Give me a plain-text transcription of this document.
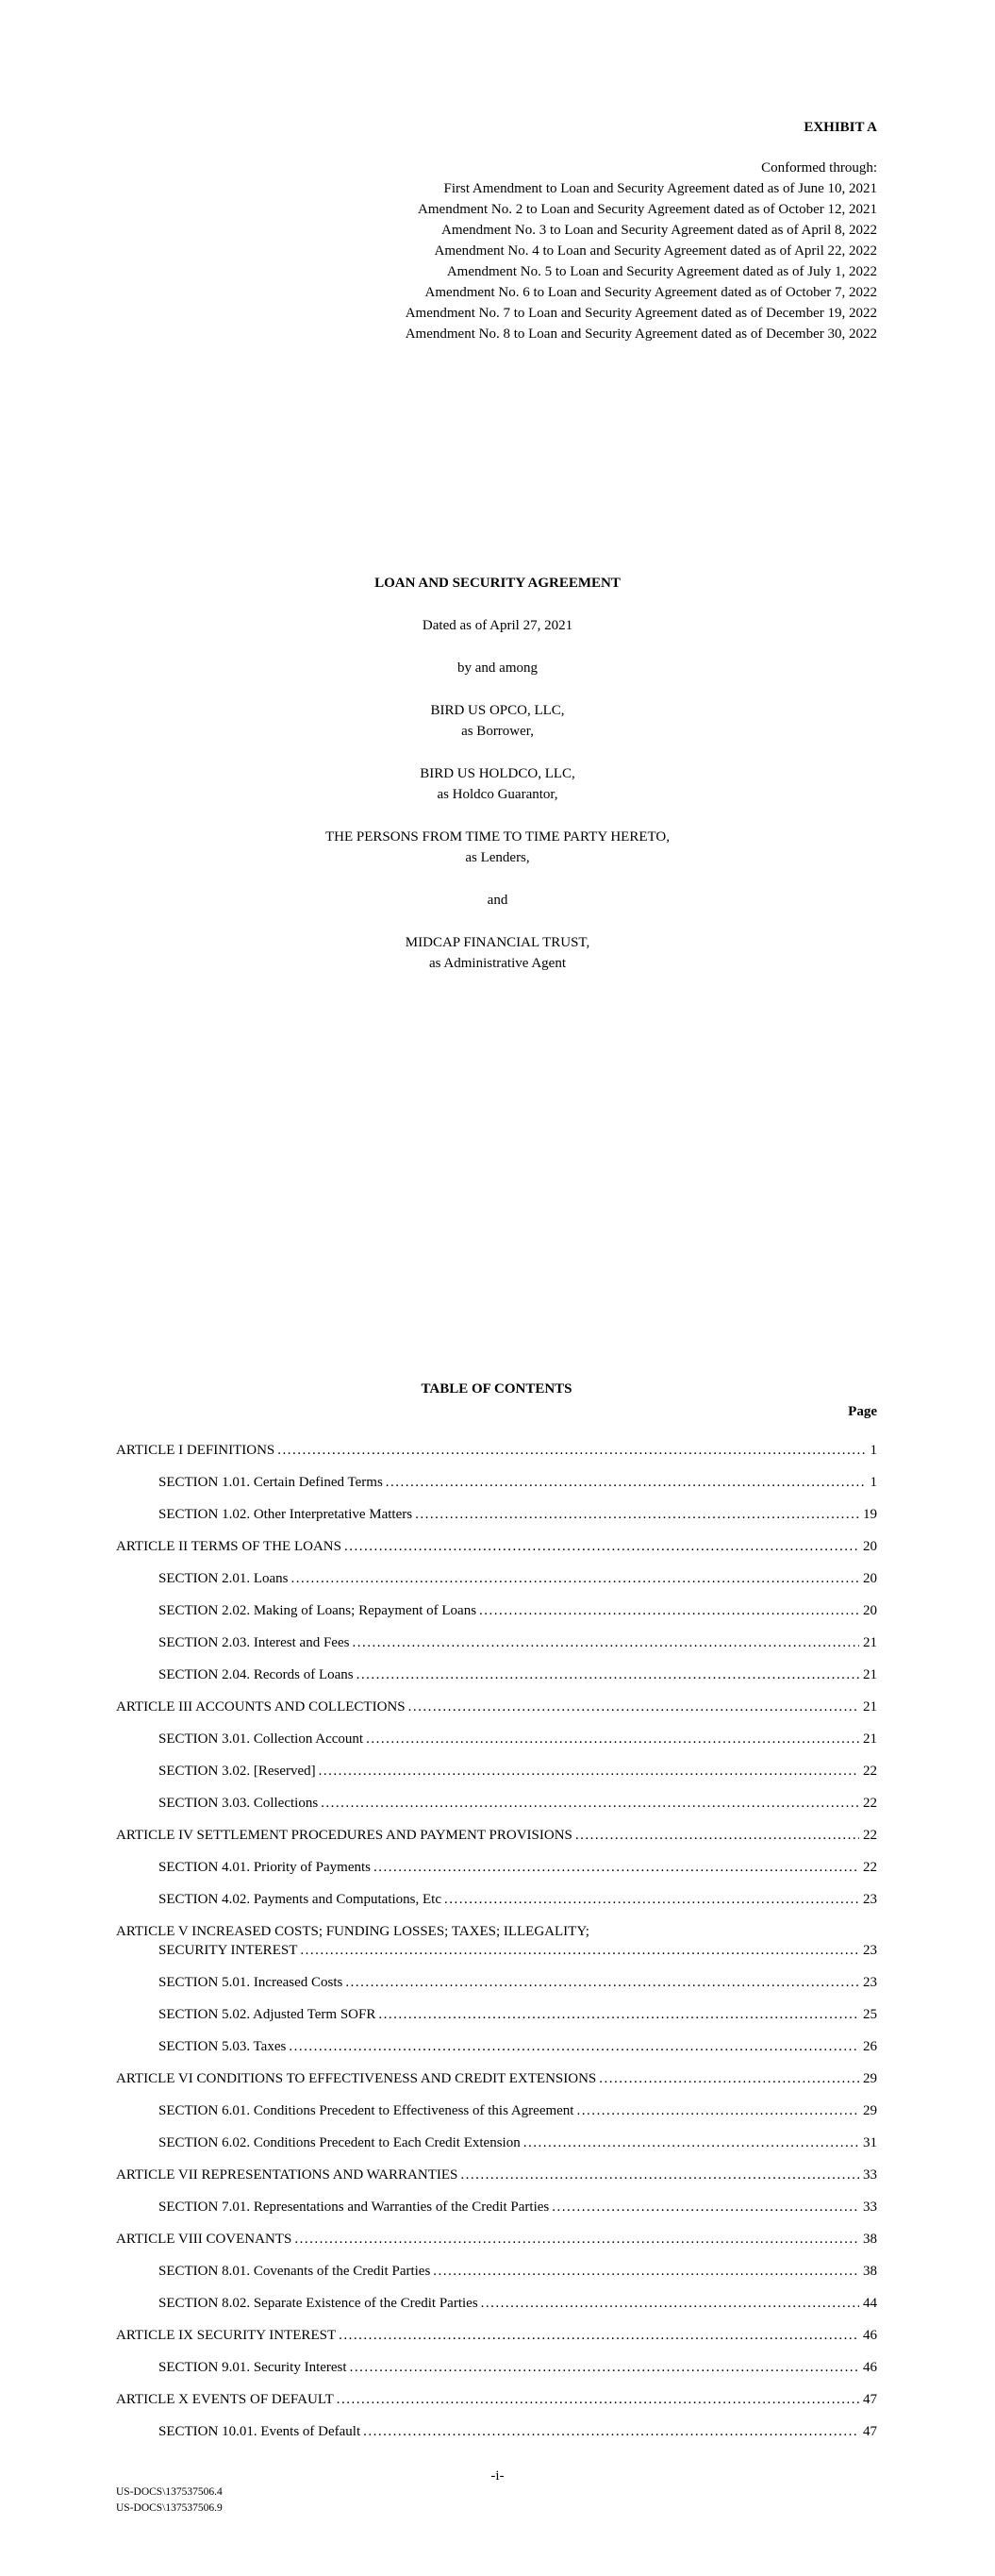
EXHIBIT A
Conformed through:
First Amendment to Loan and Security Agreement dated as of June 10, 2021
Amendment No. 2 to Loan and Security Agreement dated as of October 12, 2021
Amendment No. 3 to Loan and Security Agreement dated as of April 8, 2022
Amendment No. 4 to Loan and Security Agreement dated as of April 22, 2022
Amendment No. 5 to Loan and Security Agreement dated as of July 1, 2022
Amendment No. 6 to Loan and Security Agreement dated as of October 7, 2022
Amendment No. 7 to Loan and Security Agreement dated as of December 19, 2022
Amendment No. 8 to Loan and Security Agreement dated as of December 30, 2022
LOAN AND SECURITY AGREEMENT
Dated as of April 27, 2021
by and among
BIRD US OPCO, LLC,
as Borrower,
BIRD US HOLDCO, LLC,
as Holdco Guarantor,
THE PERSONS FROM TIME TO TIME PARTY HERETO,
as Lenders,
and
MIDCAP FINANCIAL TRUST,
as Administrative Agent
TABLE OF CONTENTS
Page
ARTICLE I DEFINITIONS .....	1
SECTION 1.01. Certain Defined Terms .....	1
SECTION 1.02. Other Interpretative Matters .....	19
ARTICLE II TERMS OF THE LOANS .....	20
SECTION 2.01. Loans .....	20
SECTION 2.02. Making of Loans; Repayment of Loans .....	20
SECTION 2.03. Interest and Fees .....	21
SECTION 2.04. Records of Loans .....	21
ARTICLE III ACCOUNTS AND COLLECTIONS .....	21
SECTION 3.01. Collection Account .....	21
SECTION 3.02. [Reserved] .....	22
SECTION 3.03. Collections .....	22
ARTICLE IV SETTLEMENT PROCEDURES AND PAYMENT PROVISIONS .....	22
SECTION 4.01. Priority of Payments .....	22
SECTION 4.02. Payments and Computations, Etc .....	23
ARTICLE V INCREASED COSTS; FUNDING LOSSES; TAXES; ILLEGALITY;
SECURITY INTEREST .....	23
SECTION 5.01. Increased Costs .....	23
SECTION 5.02. Adjusted Term SOFR .....	25
SECTION 5.03. Taxes .....	26
ARTICLE VI CONDITIONS TO EFFECTIVENESS AND CREDIT EXTENSIONS .....	29
SECTION 6.01. Conditions Precedent to Effectiveness of this Agreement .....	29
SECTION 6.02. Conditions Precedent to Each Credit Extension .....	31
ARTICLE VII REPRESENTATIONS AND WARRANTIES .....	33
SECTION 7.01. Representations and Warranties of the Credit Parties .....	33
ARTICLE VIII COVENANTS .....	38
SECTION 8.01. Covenants of the Credit Parties .....	38
SECTION 8.02. Separate Existence of the Credit Parties .....	44
ARTICLE IX SECURITY INTEREST .....	46
SECTION 9.01. Security Interest .....	46
ARTICLE X EVENTS OF DEFAULT .....	47
SECTION 10.01. Events of Default .....	47
-i-
US-DOCS\137537506.4
US-DOCS\137537506.9
